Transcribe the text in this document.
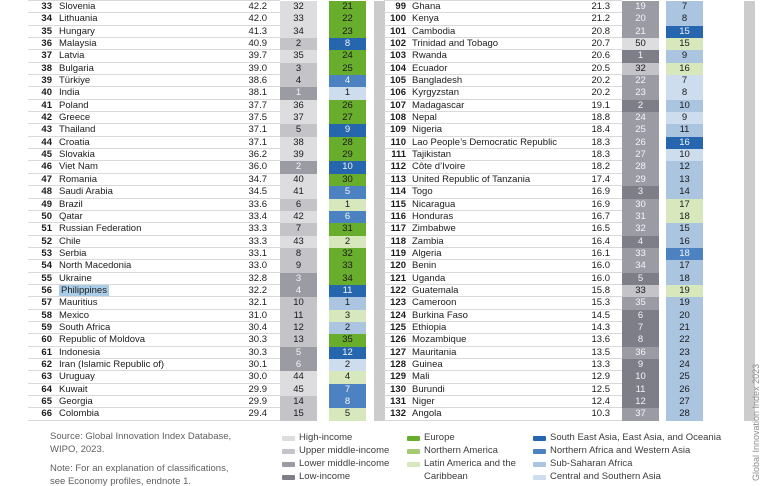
33 Slovenia	42.2	32	21
34 Lithuania	42.0	33	22
35 Hungary	41.3	34	23
36 Malaysia	40.9	2	8
37 Latvia	39.7	35	24
38 Bulgaria	39.0	3	25
39 Türkiye	38.6	4	4
40 India	38.1	1	1
41 Poland	37.7	36	26
42 Greece	37.5	37	27
43 Thailand	37.1	5	9
44 Croatia	37.1	38	28
45 Slovakia	36.2	39	29
46 Viet Nam	36.0	2	10
47 Romania	34.7	40	30
48 Saudi Arabia	34.5	41	5
49 Brazil	33.6	6	1
50 Qatar	33.4	42	6
51 Russian Federation	33.3	7	31
52 Chile	33.3	43	2
53 Serbia	33.1	8	32
54 North Macedonia	33.0	9	33
55 Ukraine	32.8	3	34
56 Philippines	32.2	4	11
57 Mauritius	32.1	10	1
58 Mexico	31.0	11	3
59 South Africa	30.4	12	2
60 Republic of Moldova	30.3	13	35
61 Indonesia	30.3	5	12
62 Iran (Islamic Republic of)	30.1	6	2
63 Uruguay	30.0	44	4
64 Kuwait	29.9	45	7
65 Georgia	29.9	14	8
66 Colombia	29.4	15	5
99 Ghana	21.3	19	7
100 Kenya	21.2	20	8
101 Cambodia	20.8	21	15
102 Trinidad and Tobago	20.7	50	15
103 Rwanda	20.6	1	9
104 Ecuador	20.5	32	16
105 Bangladesh	20.2	22	7
106 Kyrgyzstan	20.2	23	8
107 Madagascar	19.1	2	10
108 Nepal	18.8	24	9
109 Nigeria	18.4	25	11
110 Lao People’s Democratic Republic	18.3	26	16
111 Tajikistan	18.3	27	10
112 Côte d’Ivoire	18.2	28	12
113 United Republic of Tanzania	17.4	29	13
114 Togo	16.9	3	14
115 Nicaragua	16.9	30	17
116 Honduras	16.7	31	18
117 Zimbabwe	16.5	32	15
118 Zambia	16.4	4	16
119 Algeria	16.1	33	18
120 Benin	16.0	34	17
121 Uganda	16.0	5	18
122 Guatemala	15.8	33	19
123 Cameroon	15.3	35	19
124 Burkina Faso	14.5	6	20
125 Ethiopia	14.3	7	21
126 Mozambique	13.6	8	22
127 Mauritania	13.5	36	23
128 Guinea	13.3	9	24
129 Mali	12.9	10	25
130 Burundi	12.5	11	26
131 Niger	12.4	12	27
132 Angola	10.3	37	28
Source: Global Innovation Index Database,
WIPO, 2023.
Note: For an explanation of classifications,
see Economy profiles, endnote 1.
High-income
Upper middle-income
Lower middle-income
Low-income
Europe
Northern America
Latin America and the Caribbean
South East Asia, East Asia, and Oceania
Northern Africa and Western Asia
Sub-Saharan Africa
Central and Southern Asia	Global Innovation Index 2023
